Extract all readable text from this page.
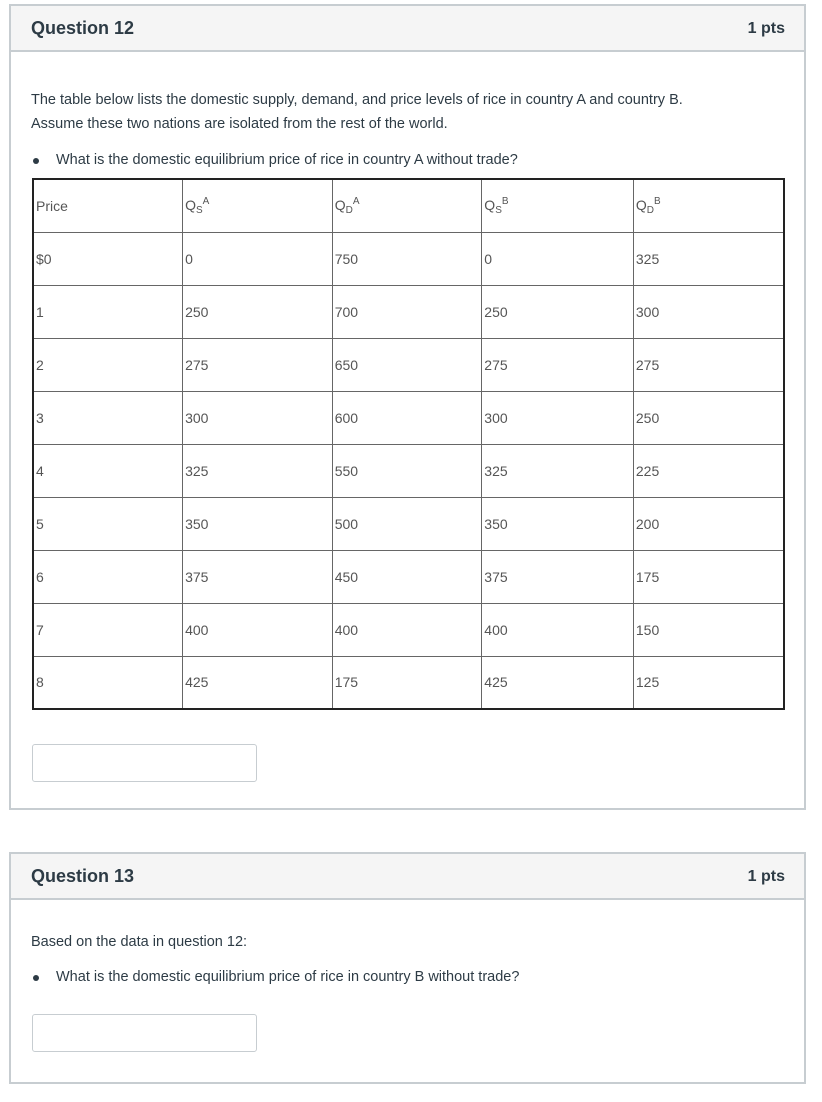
Question 12	1 pts

The table below lists the domestic supply, demand, and price levels of rice in country A and country B.

Assume these two nations are isolated from the rest of the world.

What is the domestic equilibrium price of rice in country A without trade?
Price	$Q_S^A$	$Q_D^A$	$Q_S^B$	$Q_D^B$
$0	0	750	0	325
1	250	700	250	300
2	275	650	275	275
3	300	600	300	250
4	325	550	325	225
5	350	500	350	200
6	375	450	375	175
7	400	400	400	150
8	425	175	425	125
Question 13	1 pts

Based on the data in question 12:

What is the domestic equilibrium price of rice in country B without trade?
